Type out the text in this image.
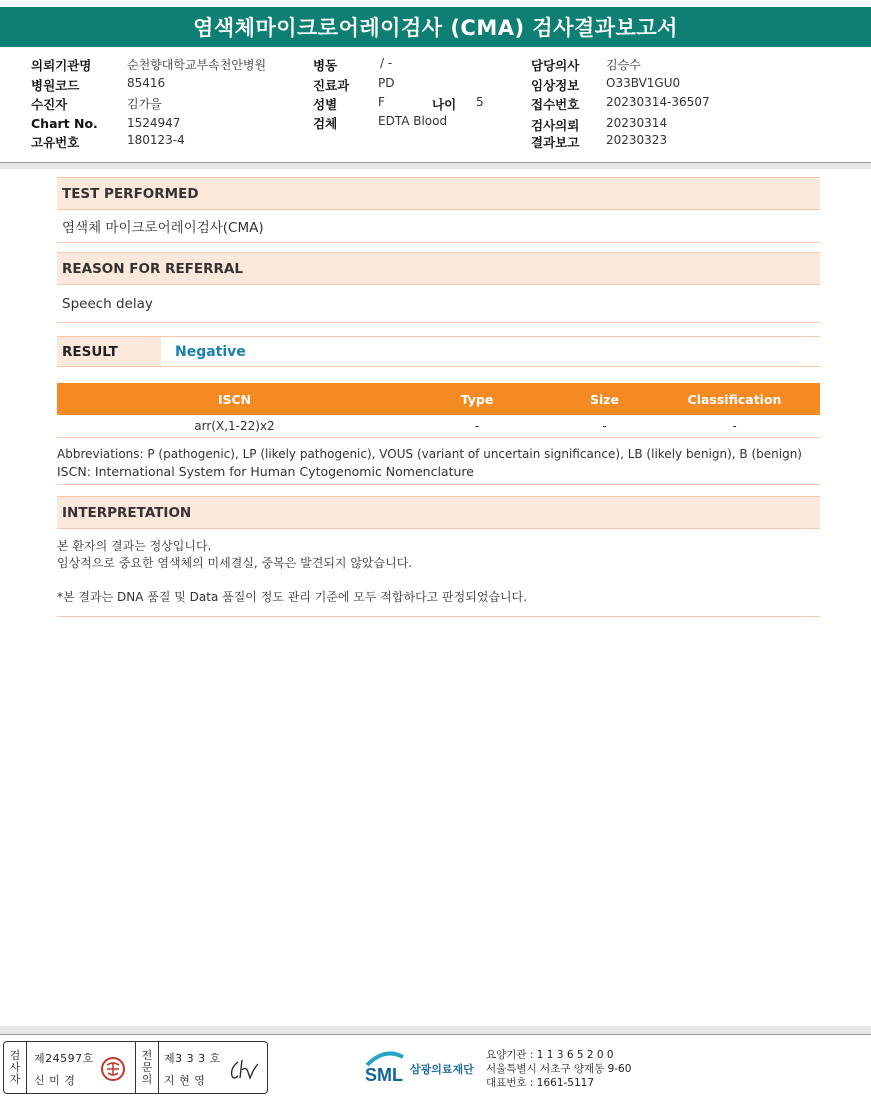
염색체마이크로어레이검사 (CMA) 검사결과보고서
의뢰기관명	순천향대학교부속천안병원
병원코드	85416
수진자	김가을
Chart No. 1524947
고유번호	180123-4
병동	/ -
진료과 PD
성별	F	나이 5
검체	EDTA Blood
담당의사 김승수
임상정보 O33BV1GU0
접수번호 20230314-36507
검사의뢰 20230314
결과보고 20230323
TEST PERFORMED
염색체 마이크로어레이검사(CMA)
REASON FOR REFERRAL
Speech delay
RESULT	Negative
ISCN	Type	Size	Classification
arr(X,1-22)x2	-	-	-
Abbreviations: P (pathogenic), LP (likely pathogenic), VOUS (variant of uncertain significance), LB (likely benign), B (benign)
ISCN: International System for Human Cytogenomic Nomenclature
INTERPRETATION

본 환자의 결과는 정상입니다.

임상적으로 중요한 염색체의 미세결실, 중복은 발견되지 않았습니다.

*본 결과는 DNA 품질 및 Data 품질이 정도 관리 기준에 모두 적합하다고 판정되었습니다.

검
사
자
제24597호
신 미 경
전
문
의
제3 3 3 호
지 현 영	SML 삼광의료재단
요양기관 : 1 1 3 6 5 2 0 0
서울특별시 서초구 양재동 9-60
대표번호 : 1661-5117
